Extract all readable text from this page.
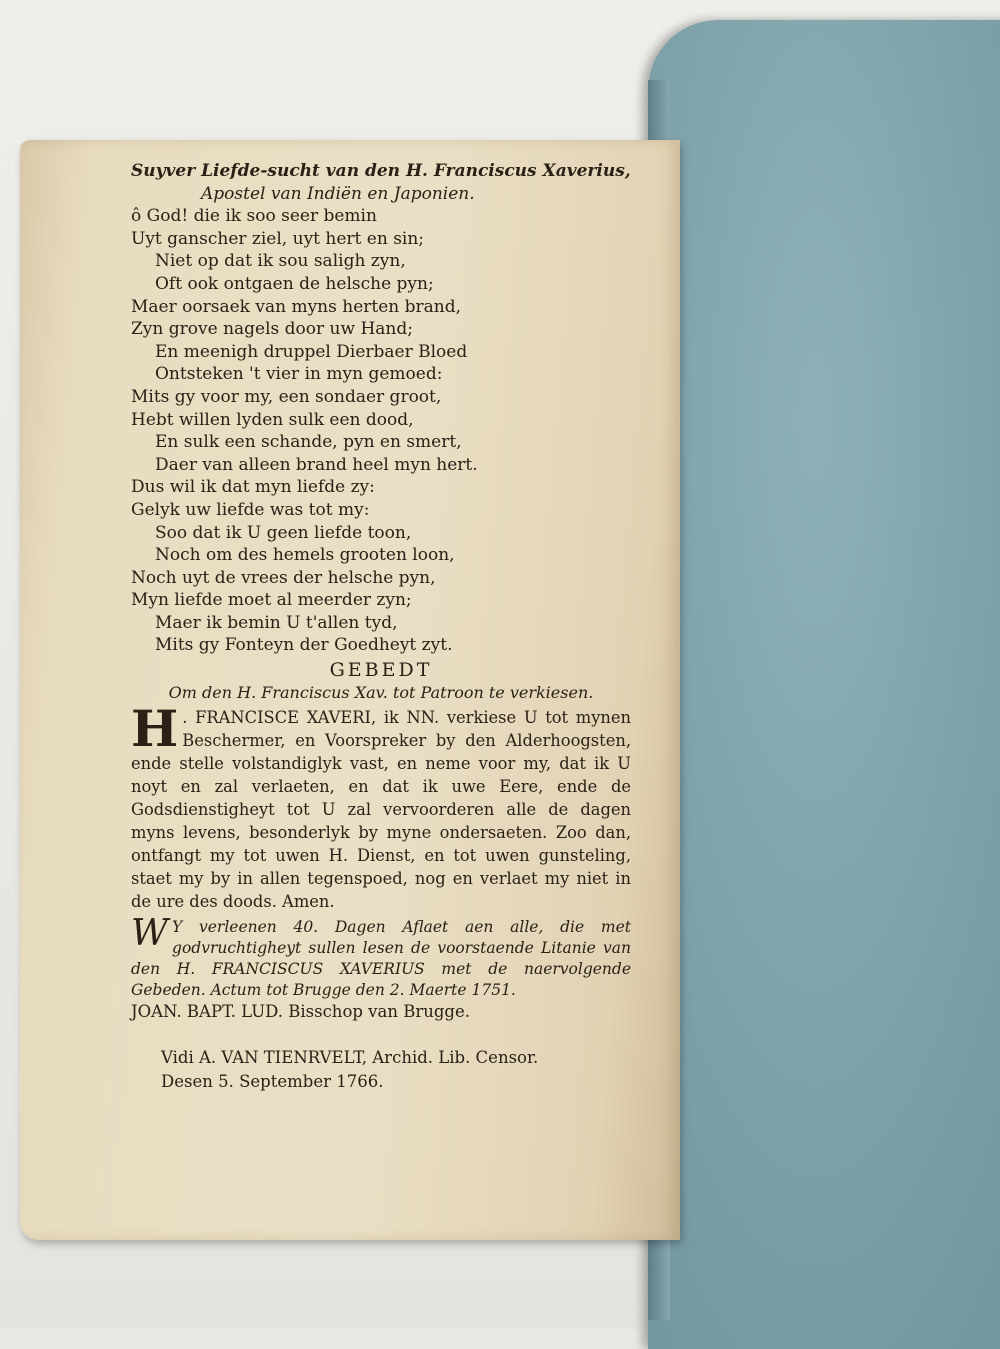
Suyver Liefde-sucht van den H. Franciscus Xaverius,
Apostel van Indiën en Japonien.
ô God! die ik soo seer bemin
Uyt ganscher ziel, uyt hert en sin;
Niet op dat ik sou saligh zyn,
Oft ook ontgaen de helsche pyn;
Maer oorsaek van myns herten brand,
Zyn grove nagels door uw Hand;
En meenigh druppel Dierbaer Bloed
Ontsteken 't vier in myn gemoed:
Mits gy voor my, een sondaer groot,
Hebt willen lyden sulk een dood,
En sulk een schande, pyn en smert,
Daer van alleen brand heel myn hert.
Dus wil ik dat myn liefde zy:
Gelyk uw liefde was tot my:
Soo dat ik U geen liefde toon,
Noch om des hemels grooten loon,
Noch uyt de vrees der helsche pyn,
Myn liefde moet al meerder zyn;
Maer ik bemin U t'allen tyd,
Mits gy Fonteyn der Goedheyt zyt.
GEBEDT
Om den H. Franciscus Xav. tot Patroon te verkiesen.
H . FRANCISCE XAVERI, ik NN. verkiese U tot mynen Beschermer, en Voorspreker by den Alderhoogsten, ende stelle volstandiglyk vast, en neme voor my, dat ik U noyt en zal verlaeten, en dat ik uwe Eere, ende de Godsdienstigheyt tot U zal vervoorderen alle de dagen myns levens, besonderlyk by myne ondersaeten. Zoo dan, ontfangt my tot uwen H. Dienst, en tot uwen gunsteling, staet my by in allen tegenspoed, nog en verlaet my niet in de ure des doods. Amen.
W Y verleenen 40. Dagen Aflaet aen alle, die met godvruchtigheyt sullen lesen de voorstaende Litanie van den H. FRANCISCUS XAVERIUS met de naervolgende Gebeden. Actum tot Brugge den 2. Maerte 1751.
JOAN. BAPT. LUD. Bisschop van Brugge.
Vidi A. VAN TIENRVELT, Archid. Lib. Censor.
Desen 5. September 1766.
